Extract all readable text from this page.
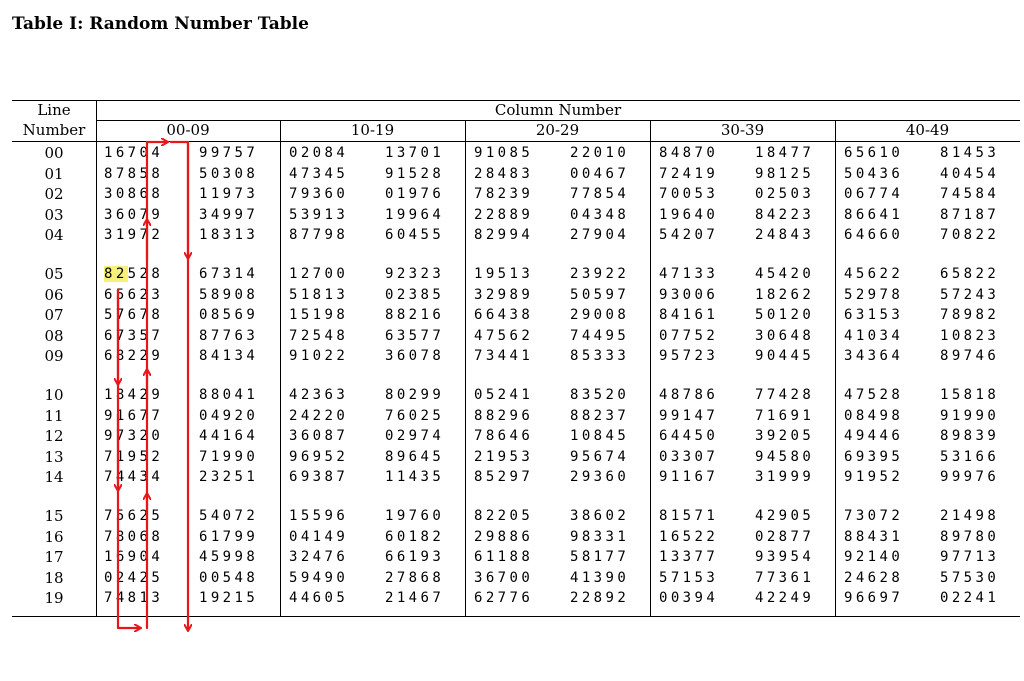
Table I: Random Number Table
Line
Number
Column Number
00-09	10-19	20-29	30-39	40-49
00	16704	99757 02084	13701 91085	22010 84870	18477 65610	81453
01	87858	50308 47345	91528 28483	00467 72419	98125 50436	40454
02	30868	11973 79360	01976 78239	77854 70053	02503 06774	74584
03	36079	34997 53913	19964 22889	04348 19640	84223 86641	87187
04	31972	18313 87798	60455 82994	27904 54207	24843 64660	70822
05	82528	67314 12700	92323 19513	23922 47133	45420 45622	65822
06	65623	58908 51813	02385 32989	50597 93006	18262 52978	57243
07	57678	08569 15198	88216 66438	29008 84161	50120 63153	78982
08	67357	87763 72548	63577 47562	74495 07752	30648 41034	10823
09	68229	84134 91022	36078 73441	85333 95723	90445 34364	89746
10	18429	88041 42363	80299 05241	83520 48786	77428 47528	15818
11	91677	04920 24220	76025 88296	88237 99147	71691 08498	91990
12	97320	44164 36087	02974 78646	10845 64450	39205 49446	89839
13	71952	71990 96952	89645 21953	95674 03307	94580 69395	53166
14	74434	23251 69387	11435 85297	29360 91167	31999 91952	99976
15	75625	54072 15596	19760 82205	38602 81571	42905 73072	21498
16	78068	61799 04149	60182 29886	98331 16522	02877 88431	89780
17	16904	45998 32476	66193 61188	58177 13377	93954 92140	97713
18	02425	00548 59490	27868 36700	41390 57153	77361 24628	57530
19	74813	19215 44605	21467 62776	22892 00394	42249 96697	02241
